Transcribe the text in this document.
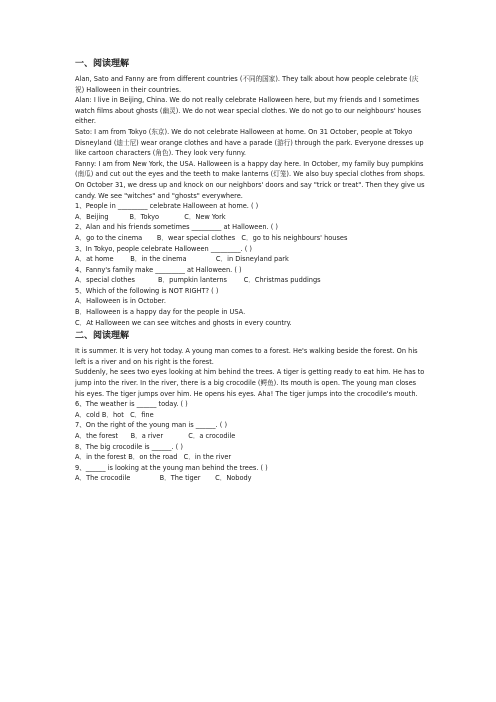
一、阅读理解

Alan, Sato and Fanny are from different countries (不同的国家). They talk about how people celebrate (庆祝) Halloween in their countries.

Alan: I live in Beijing, China. We do not really celebrate Halloween here, but my friends and I sometimes watch films about ghosts (幽灵). We do not wear special clothes. We do not go to our neighbours' houses either.

Sato: I am from Tokyo (东京). We do not celebrate Halloween at home. On 31 October, people at Tokyo Disneyland (迪士尼) wear orange clothes and have a parade (游行) through the park. Everyone dresses up like cartoon characters (角色). They look very funny.

Fanny: I am from New York, the USA. Halloween is a happy day here. In October, my family buy pumpkins (南瓜) and cut out the eyes and the teeth to make lanterns (灯笼). We also buy special clothes from shops. On October 31, we dress up and knock on our neighbors' doors and say "trick or treat". Then they give us candy. We see "witches" and "ghosts" everywhere.

1、People in _________ celebrate Halloween at home. ( )

A．Beijing          B．Tokyo            C．New York

2、Alan and his friends sometimes _________ at Halloween. ( )

A．go to the cinema       B．wear special clothes   C．go to his neighbours' houses

3、In Tokyo, people celebrate Halloween _________. ( )

A．at home        B．in the cinema              C．in Disneyland park

4、Fanny's family make _________ at Halloween. ( )

A．special clothes           B．pumpkin lanterns        C．Christmas puddings

5、Which of the following is NOT RIGHT? ( )

A．Halloween is in October.
B．Halloween is a happy day for the people in USA.
C．At Halloween we can see witches and ghosts in every country.

二、阅读理解

It is summer. It is very hot today. A young man comes to a forest. He's walking beside the forest. On his left is a river and on his right is the forest.

Suddenly, he sees two eyes looking at him behind the trees. A tiger is getting ready to eat him. He has to jump into the river. In the river, there is a big crocodile (鳄鱼). Its mouth is open. The young man closes his eyes. The tiger jumps over him. He opens his eyes. Aha! The tiger jumps into the crocodile's mouth.

6、The weather is ______ today. ( )

A．cold B．hot   C．fine

7、On the right of the young man is ______. ( )

A．the forest      B．a river            C．a crocodile

8、The big crocodile is ______. ( )

A．in the forest B．on the road   C．in the river

9、______ is looking at the young man behind the trees. ( )

A．The crocodile              B．The tiger       C．Nobody
